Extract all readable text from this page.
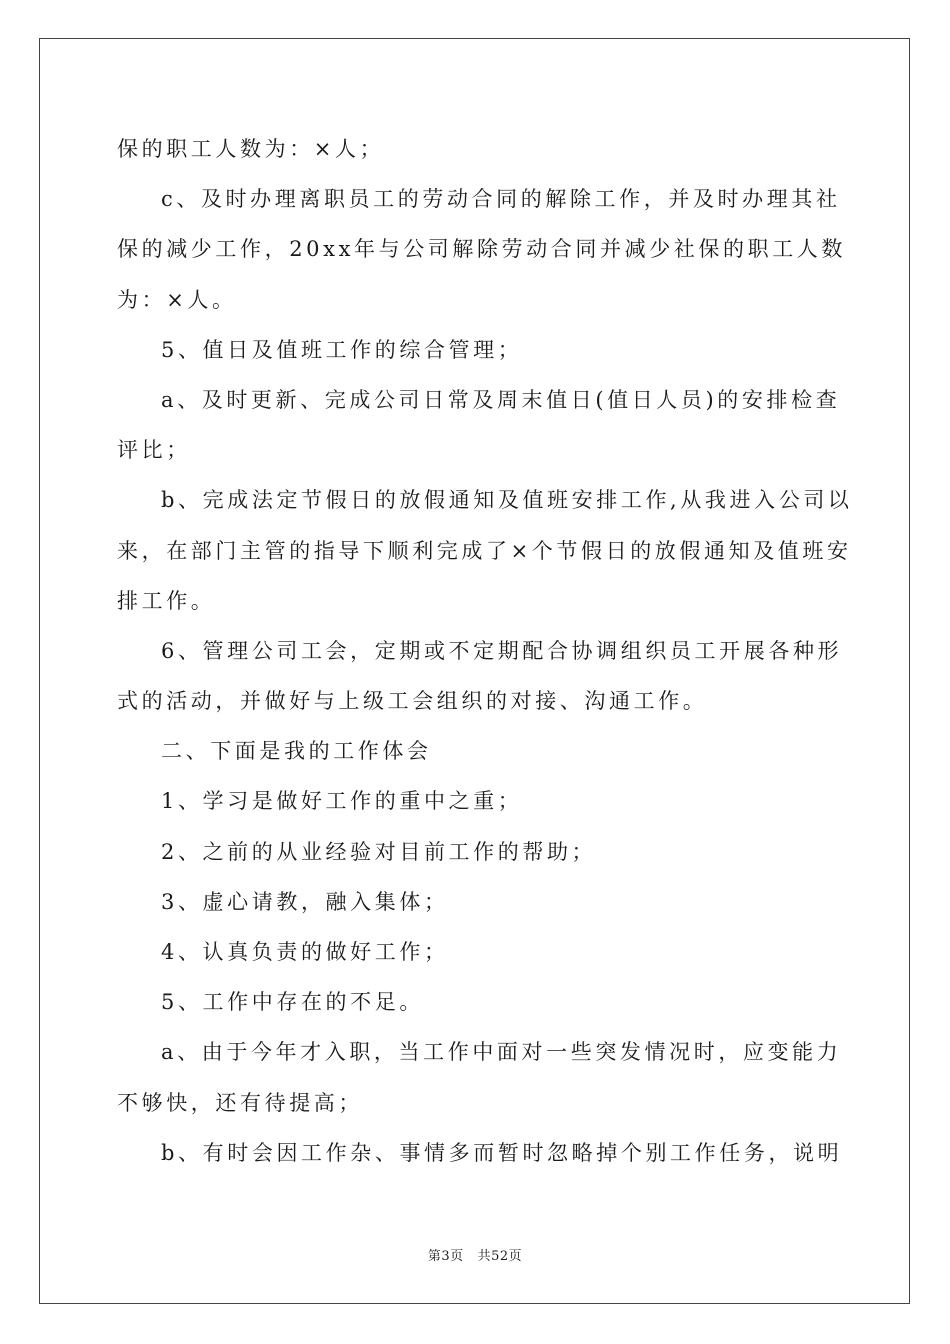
保的职工人数为：×人；
c、及时办理离职员工的劳动合同的解除工作，并及时办理其社
保的减少工作，20xx年与公司解除劳动合同并减少社保的职工人数
为：×人。
5、值日及值班工作的综合管理；
a、及时更新、完成公司日常及周末值日(值日人员)的安排检查
评比；
b、完成法定节假日的放假通知及值班安排工作,从我进入公司以
来，在部门主管的指导下顺利完成了×个节假日的放假通知及值班安
排工作。
6、管理公司工会，定期或不定期配合协调组织员工开展各种形
式的活动，并做好与上级工会组织的对接、沟通工作。
二、下面是我的工作体会
1、学习是做好工作的重中之重；
2、之前的从业经验对目前工作的帮助；
3、虚心请教，融入集体；
4、认真负责的做好工作；
5、工作中存在的不足。
a、由于今年才入职，当工作中面对一些突发情况时，应变能力
不够快，还有待提高；
b、有时会因工作杂、事情多而暂时忽略掉个别工作任务，说明
第3页 共52页
